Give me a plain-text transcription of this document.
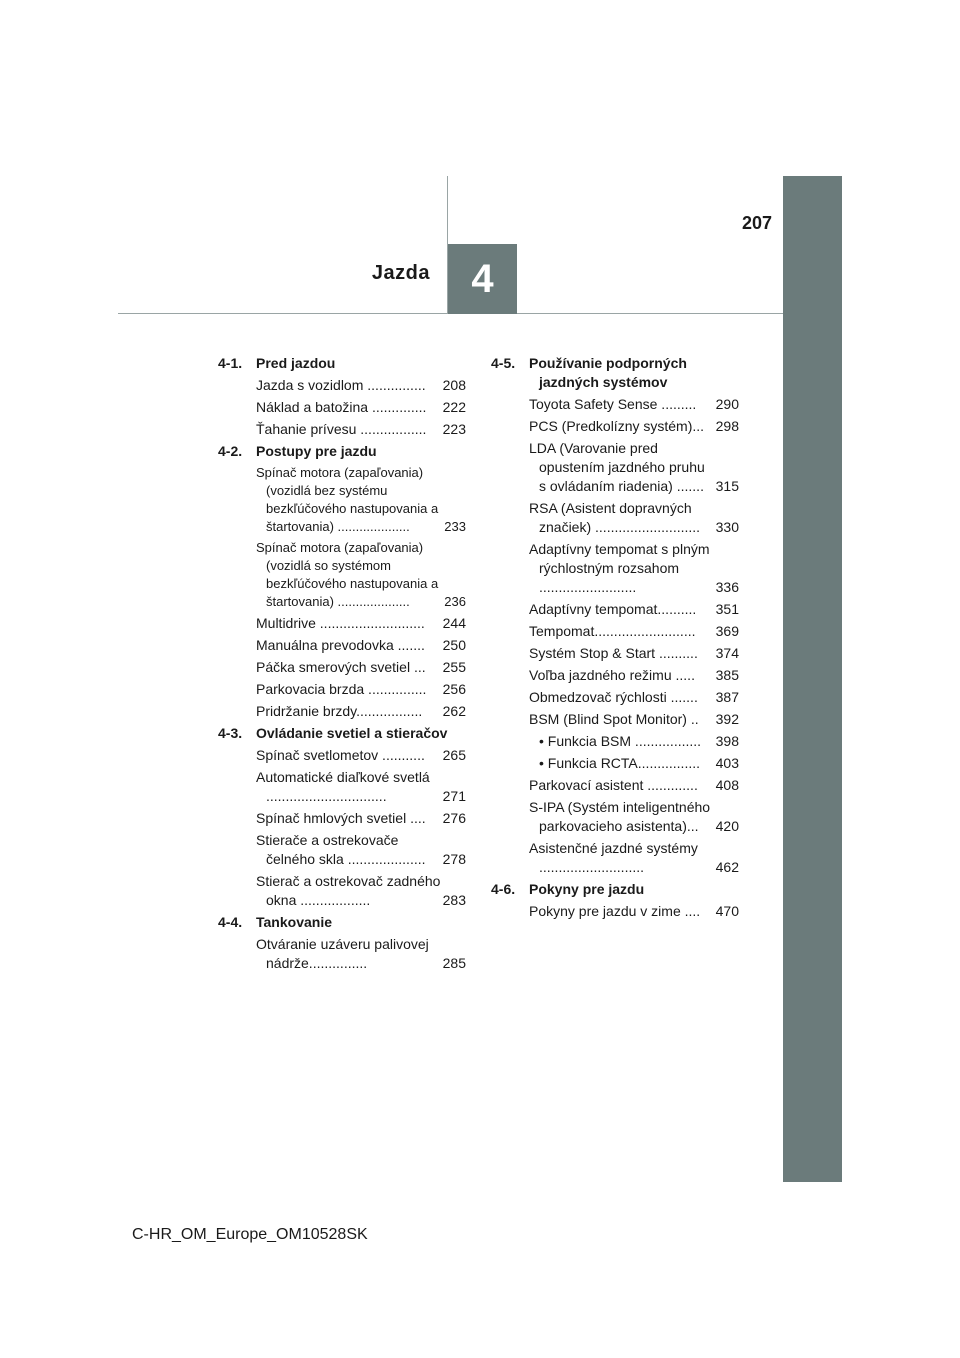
207
Jazda 4
4-1. Pred jazdou
Jazda s vozidlom ...............	208
Náklad a batožina ..............	222
Ťahanie prívesu .................	223
4-2. Postupy pre jazdu
Spínač motora (zapaľovania) (vozidlá bez systému bezkľúčového nastupovania a štartovania) ....................	233
Spínač motora (zapaľovania) (vozidlá so systémom bezkľúčového nastupovania a štartovania) ....................	236
Multidrive ...........................	244
Manuálna prevodovka .......	250
Páčka smerových svetiel ...	255
Parkovacia brzda ...............	256
Pridržanie brzdy.................	262
4-3. Ovládanie svetiel a stieračov
Spínač svetlometov ...........	265
Automatické diaľkové svetlá ...............................	271
Spínač hmlových svetiel ....	276
Stierače a ostrekovače čelného skla ....................	278
Stierač a ostrekovač zadného okna ..................	283
4-4. Tankovanie
Otváranie uzáveru palivovej nádrže...............	285
4-5. Používanie podporných jazdných systémov
Toyota Safety Sense .........	290
PCS (Predkolízny systém)... 298
LDA (Varovanie pred opustením jazdného pruhu s ovládaním riadenia) ....... 315
RSA (Asistent dopravných značiek) ...........................	330
Adaptívny tempomat s plným rýchlostným rozsahom .........................	336
Adaptívny tempomat..........	351
Tempomat..........................	369
Systém Stop & Start ..........	374
Voľba jazdného režimu .....	385
Obmedzovač rýchlosti .......	387
BSM (Blind Spot Monitor) ..	392
• Funkcia BSM .................	398
• Funkcia RCTA................	403
Parkovací asistent .............	408
S-IPA (Systém inteligentného parkovacieho asistenta)...	420
Asistenčné jazdné systémy ...........................	462
4-6. Pokyny pre jazdu
Pokyny pre jazdu v zime ....	470
C-HR_OM_Europe_OM10528SK
